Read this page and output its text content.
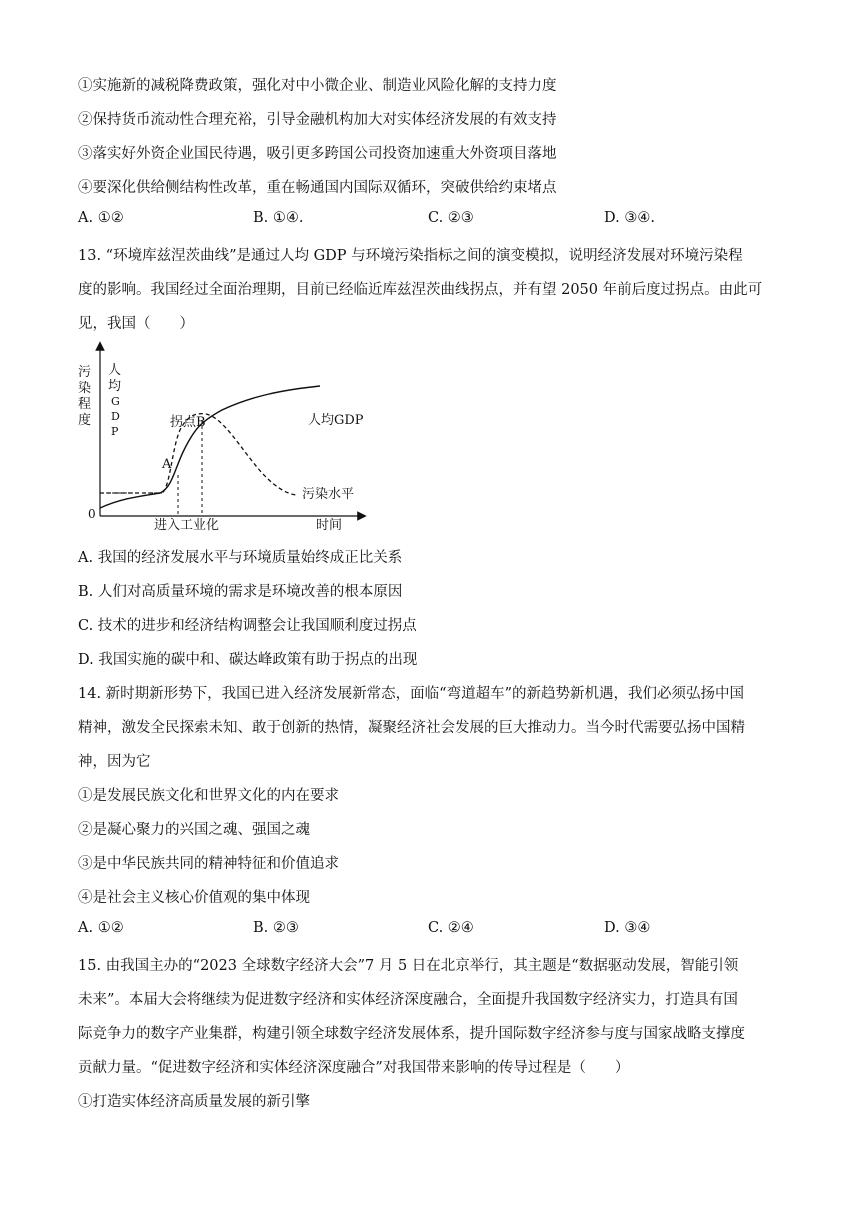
①实施新的减税降费政策，强化对中小微企业、制造业风险化解的支持力度
②保持货币流动性合理充裕，引导金融机构加大对实体经济发展的有效支持
③落实好外资企业国民待遇，吸引更多跨国公司投资加速重大外资项目落地
④要深化供给侧结构性改革，重在畅通国内国际双循环，突破供给约束堵点
A. ①②	B. ①④.	C. ②③	D. ③④.
13. “环境库兹涅茨曲线”是通过人均 GDP 与环境污染指标之间的演变模拟，说明经济发展对环境污染程
度的影响。我国经过全面治理期，目前已经临近库兹涅茨曲线拐点，并有望 2050 年前后度过拐点。由此可
见，我国（　　）
污
染
程
度
人
均
G
D
P
0
A
拐点B	人均GDP
污染水平
进入工业化	时间
A. 我国的经济发展水平与环境质量始终成正比关系
B. 人们对高质量环境的需求是环境改善的根本原因
C. 技术的进步和经济结构调整会让我国顺利度过拐点
D. 我国实施的碳中和、碳达峰政策有助于拐点的出现
14. 新时期新形势下，我国已进入经济发展新常态，面临“弯道超车”的新趋势新机遇，我们必须弘扬中国
精神，激发全民探索未知、敢于创新的热情，凝聚经济社会发展的巨大推动力。当今时代需要弘扬中国精
神，因为它
①是发展民族文化和世界文化的内在要求
②是凝心聚力的兴国之魂、强国之魂
③是中华民族共同的精神特征和价值追求
④是社会主义核心价值观的集中体现
A. ①②	B. ②③	C. ②④	D. ③④
15. 由我国主办的“2023 全球数字经济大会”7 月 5 日在北京举行，其主题是“数据驱动发展，智能引领
未来”。本届大会将继续为促进数字经济和实体经济深度融合，全面提升我国数字经济实力，打造具有国
际竞争力的数字产业集群，构建引领全球数字经济发展体系，提升国际数字经济参与度与国家战略支撑度
贡献力量。“促进数字经济和实体经济深度融合”对我国带来影响的传导过程是（　　）
①打造实体经济高质量发展的新引擎
